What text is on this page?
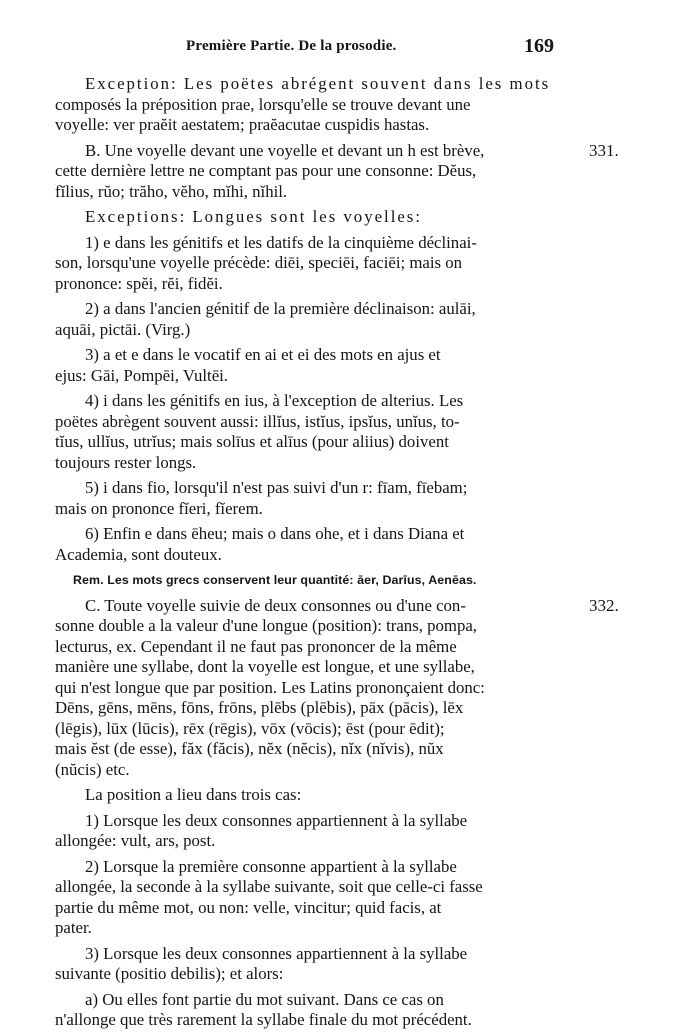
Première Partie. De la prosodie.	169
Exception: Les poëtes abrégent souvent dans les mots
composés la préposition prae, lorsqu'elle se trouve devant une
voyelle: ver praĕit aestatem; praĕacutae cuspidis hastas.
331.
B. Une voyelle devant une voyelle et devant un h est brève,
cette dernière lettre ne comptant pas pour une consonne: Dĕus,
fĭlius, rŭo; trăho, vĕho, mĭhi, nĭhil.
Exceptions: Longues sont les voyelles:
1) e dans les génitifs et les datifs de la cinquième déclinai-
son, lorsqu'une voyelle précède: diēi, speciēi, faciēi; mais on
prononce: spĕi, rĕi, fidĕi.
2) a dans l'ancien génitif de la première déclinaison: aulāi,
aquāi, pictāi. (Virg.)
3) a et e dans le vocatif en ai et ei des mots en ajus et
ejus: Gāi, Pompēi, Vultēi.
4) i dans les génitifs en ius, à l'exception de alterius. Les
poëtes abrègent souvent aussi: illĭus, istĭus, ipsĭus, unĭus, to-
tĭus, ullĭus, utrĭus; mais solīus et alīus (pour aliius) doivent
toujours rester longs.
5) i dans fio, lorsqu'il n'est pas suivi d'un r: fīam, fīebam;
mais on prononce fĭeri, fĭerem.
6) Enfin e dans ēheu; mais o dans ohe, et i dans Diana et
Academia, sont douteux.
Rem. Les mots grecs conservent leur quantité: āer, Darīus, Aenēas.
332.
C. Toute voyelle suivie de deux consonnes ou d'une con-
sonne double a la valeur d'une longue (position): trans, pompa,
lecturus, ex. Cependant il ne faut pas prononcer de la même
manière une syllabe, dont la voyelle est longue, et une syllabe,
qui n'est longue que par position. Les Latins prononçaient donc:
Dēns, gēns, mēns, fōns, frōns, plēbs (plēbis), pāx (pācis), lēx
(lēgis), lūx (lūcis), rēx (rēgis), vōx (vōcis); ēst (pour ēdit);
mais ĕst (de esse), făx (făcis), nĕx (nĕcis), nĭx (nĭvis), nŭx
(nŭcis) etc.
La position a lieu dans trois cas:
1) Lorsque les deux consonnes appartiennent à la syllabe
allongée: vult, ars, post.
2) Lorsque la première consonne appartient à la syllabe
allongée, la seconde à la syllabe suivante, soit que celle-ci fasse
partie du même mot, ou non: velle, vincitur; quid facis, at
pater.
3) Lorsque les deux consonnes appartiennent à la syllabe
suivante (positio debilis); et alors:
a) Ou elles font partie du mot suivant. Dans ce cas on
n'allonge que très rarement la syllabe finale du mot précédent.
